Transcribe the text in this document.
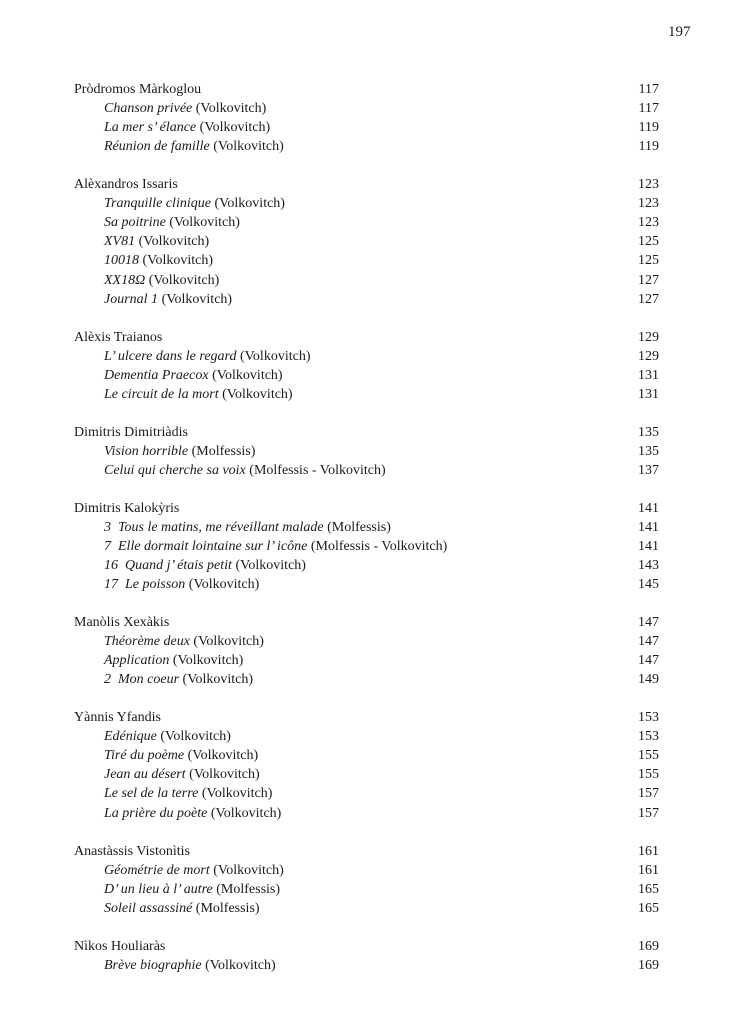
197
Pròdromos Màrkoglou	117
Chanson privée (Volkovitch)	117
La mer s’ élance (Volkovitch)	119
Réunion de famille (Volkovitch)	119
Alèxandros Issaris	123
Tranquille clinique (Volkovitch)	123
Sa poitrine (Volkovitch)	123
XV81 (Volkovitch)	125
10018 (Volkovitch)	125
XX18Ω (Volkovitch)	127
Journal 1 (Volkovitch)	127
Alèxis Traianos	129
L’ ulcere dans le regard (Volkovitch)	129
Dementia Praecox (Volkovitch)	131
Le circuit de la mort (Volkovitch)	131
Dimitris Dimitriàdis	135
Vision horrible (Molfessis)	135
Celui qui cherche sa voix (Molfessis - Volkovitch)	137
Dimitris Kalokỳris	141
3 Tous le matins, me réveillant malade (Molfessis)	141
7 Elle dormait lointaine sur l’ icône (Molfessis - Volkovitch)	141
16 Quand j’ étais petit (Volkovitch)	143
17 Le poisson (Volkovitch)	145
Manòlis Xexàkis	147
Théorème deux (Volkovitch)	147
Application (Volkovitch)	147
2 Mon coeur (Volkovitch)	149
Yànnis Yfandis	153
Edénique (Volkovitch)	153
Tiré du poème (Volkovitch)	155
Jean au désert (Volkovitch)	155
Le sel de la terre (Volkovitch)	157
La prière du poète (Volkovitch)	157
Anastàssis Vistonìtis	161
Géométrie de mort (Volkovitch)	161
D’ un lieu à l’ autre (Molfessis)	165
Soleil assassiné (Molfessis)	165
Nìkos Houliaràs	169
Brève biographie (Volkovitch)	169
